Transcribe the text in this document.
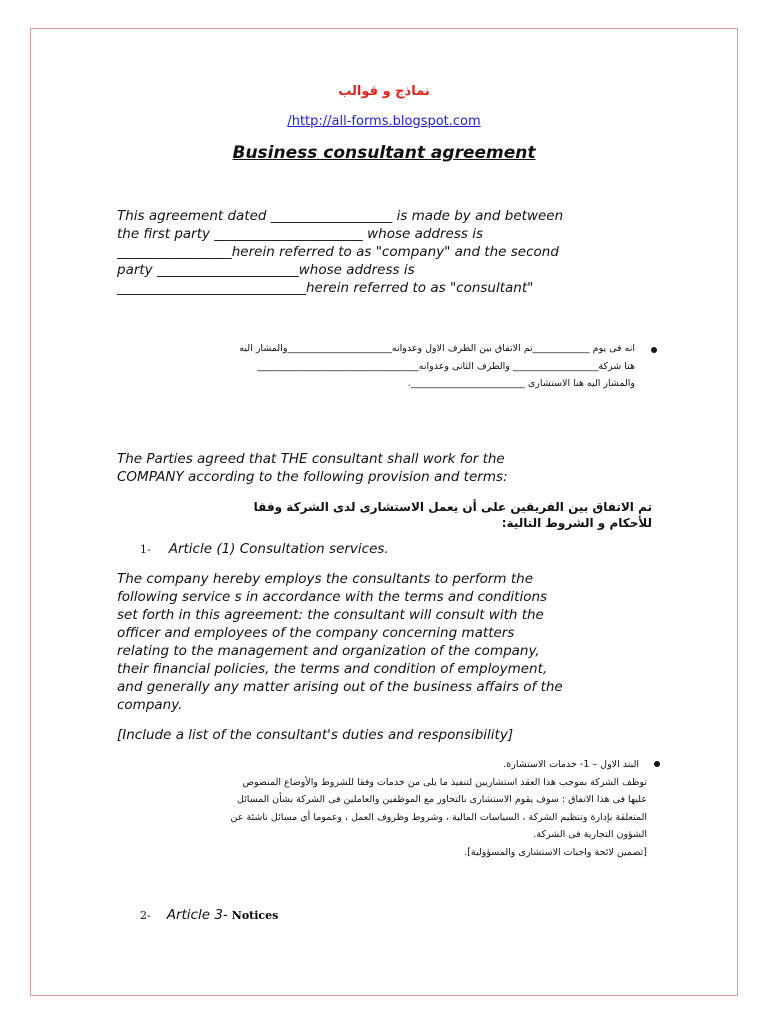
نماذج و قوالب

/http://all-forms.blogspot.com

Business consultant agreement

This agreement dated __________________ is made by and between
the first party ______________________ whose address is
_________________herein referred to as "company" and the second
party _____________________whose address is
____________________________herein referred to as "consultant"
انه فى يوم ____________تم الاتفاق بين الطرف الاول وعدوانه______________________والمشار اليه
هنا شركة__________________ والطرف الثانى وعدوانه__________________________________
والمشار اليه هنا الاستشارى ________________________.
The Parties agreed that THE consultant shall work for the
COMPANY according to the following provision and terms:
تم الاتفاق بين الفريقين على أن يعمل الاستشارى لدى الشركة وفقا
للأحكام و الشروط التالية:
1- Article (1) Consultation services.
The company hereby employs the consultants to perform the
following service s in accordance with the terms and conditions
set forth in this agreement: the consultant will consult with the
officer and employees of the company concerning matters
relating to the management and organization of the company,
their financial policies, the terms and condition of employment,
and generally any matter arising out of the business affairs of the
company.
[Include a list of the consultant's duties and responsibility]
البند الاول – 1- خدمات الاستشارة.
توظف الشركة بموجب هذا العقد استشاريين لتنفيذ ما يلى من خدمات وفقا للشروط والأوضاع المنصوص
عليها فى هذا الاتفاق : سوف يقوم الاستشارى بالتحاور مع الموظفين والعاملين فى الشركة بشأن المسائل
المتعلقة بإدارة وتنظيم الشركة ، السياسات المالية ، وشروط وظروف العمل ، وعموما أي مسائل ناشئة عن
الشؤون التجارية فى الشركة.
[تضمين لائحة واجبات الاستشارى والمسؤولية].
2- Article 3- Notices
